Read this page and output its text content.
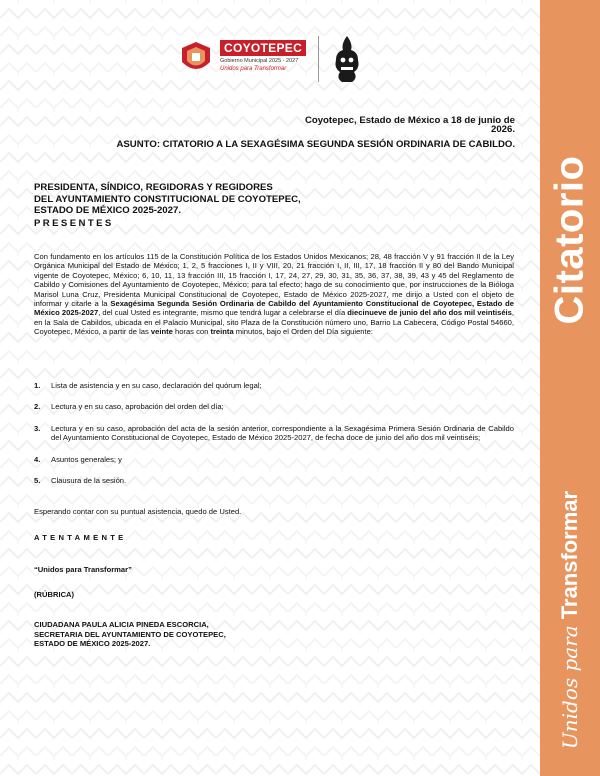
Citatorio
Unidos paraTransformar
COYOTEPEC
Gobierno Municipal 2025 - 2027
Unidos para Transformar
Coyotepec, Estado de México a 18 de junio de 2026.
ASUNTO: CITATORIO A LA SEXAGÉSIMA SEGUNDA SESIÓN ORDINARIA DE CABILDO.
PRESIDENTA, SÍNDICO, REGIDORAS Y REGIDORES
DEL AYUNTAMIENTO CONSTITUCIONAL DE COYOTEPEC,
ESTADO DE MÉXICO 2025-2027.
PRESENTES
Con fundamento en los artículos 115 de la Constitución Política de los Estados Unidos Mexicanos; 28, 48 fracción V y 91 fracción II de la Ley Orgánica Municipal del Estado de México; 1, 2, 5 fracciones I, II y VIII, 20, 21 fracción I, II, III, 17, 18 fracción II y 80 del Bando Municipal vigente de Coyotepec, México; 6, 10, 11, 13 fracción III, 15 fracción I, 17, 24, 27, 29, 30, 31, 35, 36, 37, 38, 39, 43 y 45 del Reglamento de Cabildo y Comisiones del Ayuntamiento de Coyotepec, México; para tal efecto; hago de su conocimiento que, por instrucciones de la Bióloga Marisol Luna Cruz, Presidenta Municipal Constitucional de Coyotepec, Estado de México 2025-2027, me dirijo a Usted con el objeto de informar y citarle a la Sexagésima Segunda Sesión Ordinaria de Cabildo del Ayuntamiento Constitucional de Coyotepec, Estado de México 2025-2027, del cual Usted es integrante, mismo que tendrá lugar a celebrarse el día diecinueve de junio del año dos mil veintiséis, en la Sala de Cabildos, ubicada en el Palacio Municipal, sito Plaza de la Constitución número uno, Barrio La Cabecera, Código Postal 54660, Coyotepec, México, a partir de las veinte horas con treinta minutos, bajo el Orden del Día siguiente:
1. Lista de asistencia y en su caso, declaración del quórum legal;
2. Lectura y en su caso, aprobación del orden del día;
3. Lectura y en su caso, aprobación del acta de la sesión anterior, correspondiente a la Sexagésima Primera Sesión Ordinaria de Cabildo del Ayuntamiento Constitucional de Coyotepec, Estado de México 2025-2027, de fecha doce de junio del año dos mil veintiséis;
4. Asuntos generales; y
5. Clausura de la sesión.
Esperando contar con su puntual asistencia, quedo de Usted.
ATENTAMENTE
“Unidos para Transformar”
(RÚBRICA)
CIUDADANA PAULA ALICIA PINEDA ESCORCIA,
SECRETARIA DEL AYUNTAMIENTO DE COYOTEPEC,
ESTADO DE MÉXICO 2025-2027.
